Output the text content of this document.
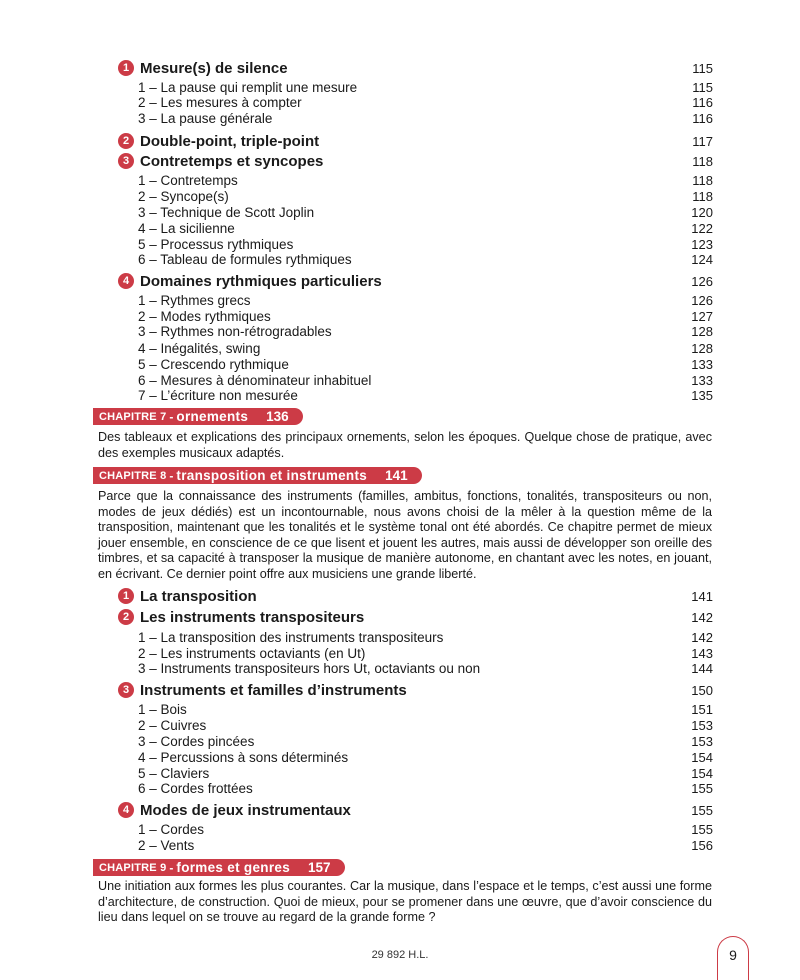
1 Mesure(s) de silence	115
1 – La pause qui remplit une mesure	115
2 – Les mesures à compter	116
3 – La pause générale	116
2 Double-point, triple-point	117
3 Contretemps et syncopes	118
1 – Contretemps	118
2 – Syncope(s)	118
3 – Technique de Scott Joplin	120
4 – La sicilienne	122
5 – Processus rythmiques	123
6 – Tableau de formules rythmiques	124
4 Domaines rythmiques particuliers	126
1 – Rythmes grecs	126
2 – Modes rythmiques	127
3 – Rythmes non-rétrogradables	128
4 – Inégalités, swing	128
5 – Crescendo rythmique	133
6 – Mesures à dénominateur inhabituel	133
7 – L’écriture non mesurée	135
CHAPITRE 7 - ornements 136
Des tableaux et explications des principaux ornements, selon les époques. Quelque chose de pratique, avec des exemples musicaux adaptés.
CHAPITRE 8 - transposition et instruments 141
Parce que la connaissance des instruments (familles, ambitus, fonctions, tonalités, transpositeurs ou non, modes de jeux dédiés) est un incontournable, nous avons choisi de la mêler à la question même de la transposition, maintenant que les tonalités et le système tonal ont été abordés. Ce chapitre permet de mieux jouer ensemble, en conscience de ce que lisent et jouent les autres, mais aussi de développer son oreille des timbres, et sa capacité à transposer la musique de manière autonome, en chantant avec les notes, en jouant, en écrivant. Ce dernier point offre aux musiciens une grande liberté.
1 La transposition	141
2 Les instruments transpositeurs	142
1 – La transposition des instruments transpositeurs	142
2 – Les instruments octaviants (en Ut)	143
3 – Instruments transpositeurs hors Ut, octaviants ou non	144
3 Instruments et familles d’instruments	150
1 – Bois	151
2 – Cuivres	153
3 – Cordes pincées	153
4 – Percussions à sons déterminés	154
5 – Claviers	154
6 – Cordes frottées	155
4 Modes de jeux instrumentaux	155
1 – Cordes	155
2 – Vents	156
CHAPITRE 9 - formes et genres 157
Une initiation aux formes les plus courantes. Car la musique, dans l’espace et le temps, c’est aussi une forme d’architecture, de construction. Quoi de mieux, pour se promener dans une œuvre, que d’avoir conscience du lieu dans lequel on se trouve au regard de la grande forme ?
29 892 H.L.	9
